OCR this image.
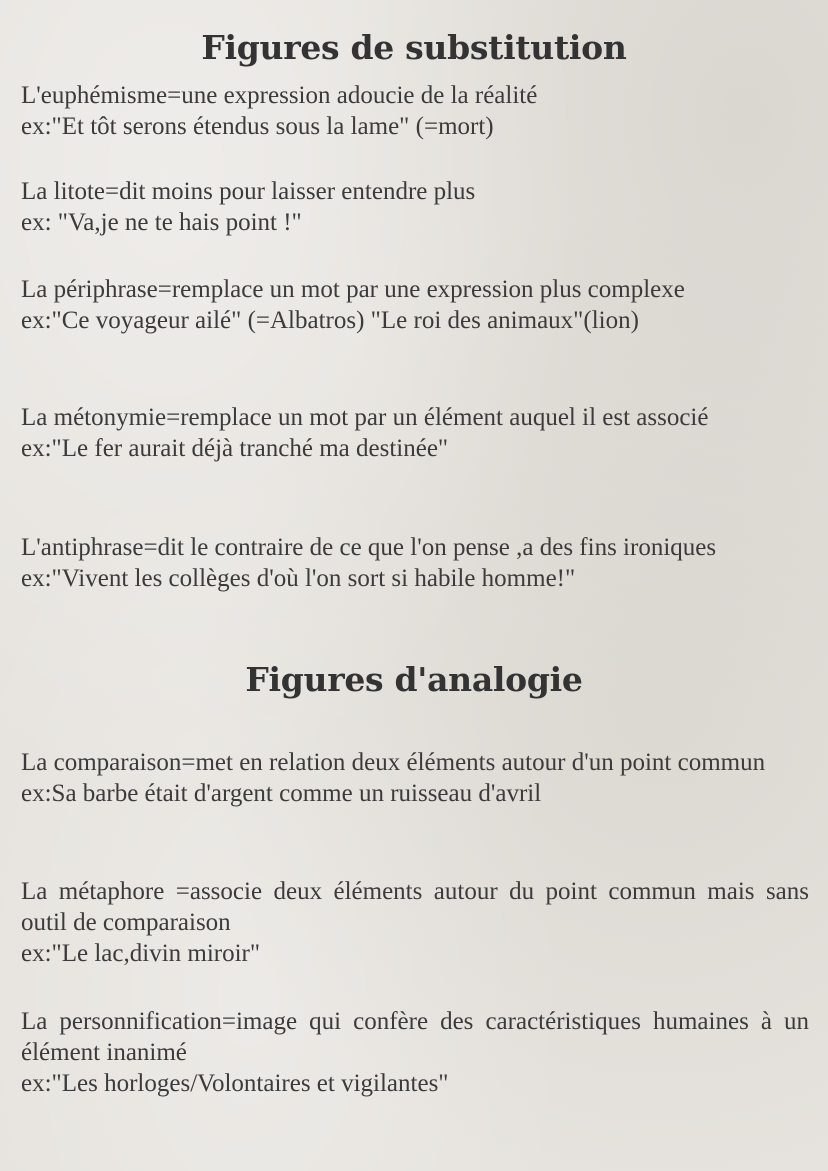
Figures de substitution
L'euphémisme=une expression adoucie de la réalité
ex:"Et tôt serons étendus sous la lame" (=mort)
La litote=dit moins pour laisser entendre plus
ex: "Va,je ne te hais point !"
La périphrase=remplace un mot par une expression plus complexe
ex:"Ce voyageur ailé" (=Albatros) "Le roi des animaux"(lion)
La métonymie=remplace un mot par un élément auquel il est associé
ex:"Le fer aurait déjà tranché ma destinée"
L'antiphrase=dit le contraire de ce que l'on pense ,a des fins ironiques
ex:"Vivent les collèges d'où l'on sort si habile homme!"
Figures d'analogie
La comparaison=met en relation deux éléments autour d'un point commun
ex:Sa barbe était d'argent comme un ruisseau d'avril
La métaphore =associe deux éléments autour du point commun mais sans outil de comparaison
ex:"Le lac,divin miroir"
La personnification=image qui confère des caractéristiques humaines à un élément inanimé
ex:"Les horloges/Volontaires et vigilantes"
